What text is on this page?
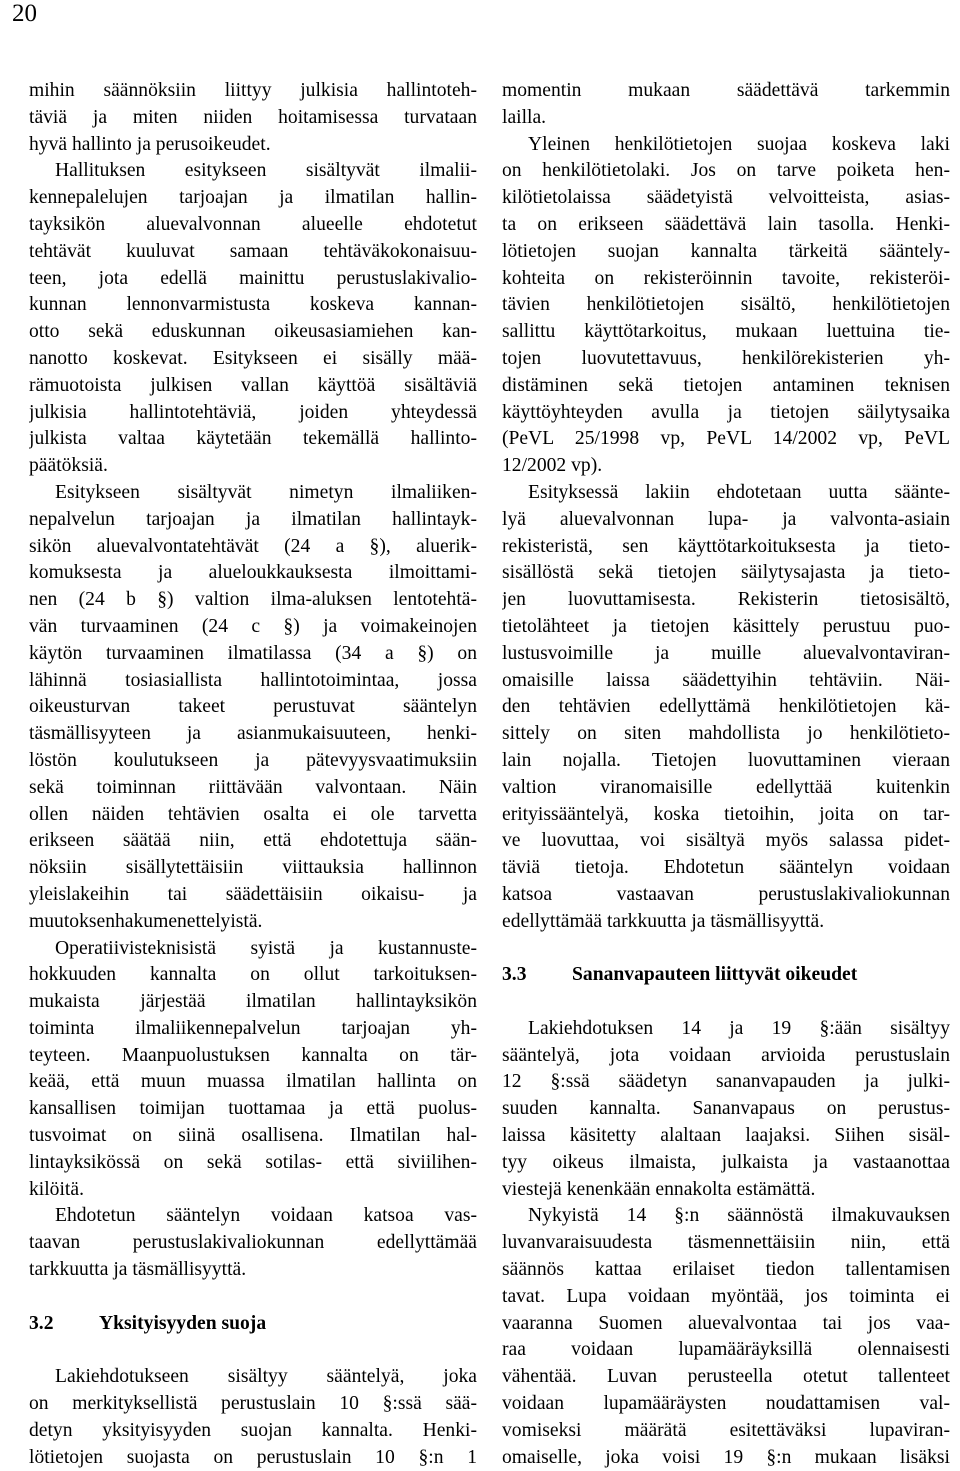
20
mihin säännöksiin liittyy julkisia hallintoteh-
täviä ja miten niiden hoitamisessa turvataan
hyvä hallinto ja perusoikeudet.
Hallituksen esitykseen sisältyvät ilmalii-
kennepalelujen tarjoajan ja ilmatilan hallin-
tayksikön aluevalvonnan alueelle ehdotetut
tehtävät kuuluvat samaan tehtäväkokonaisuu-
teen, jota edellä mainittu perustuslakivalio-
kunnan lennonvarmistusta koskeva kannan-
otto sekä eduskunnan oikeusasiamiehen kan-
nanotto koskevat. Esitykseen ei sisälly mää-
rämuotoista julkisen vallan käyttöä sisältäviä
julkisia hallintotehtäviä, joiden yhteydessä
julkista valtaa käytetään tekemällä hallinto-
päätöksiä.
Esitykseen sisältyvät nimetyn ilmaliiken-
nepalvelun tarjoajan ja ilmatilan hallintayk-
sikön aluevalvontatehtävät (24 a §), aluerik-
komuksesta ja alueloukkauksesta ilmoittami-
nen (24 b §) valtion ilma-aluksen lentotehtä-
vän turvaaminen (24 c §) ja voimakeinojen
käytön turvaaminen ilmatilassa (34 a §) on
lähinnä tosiasiallista hallintotoimintaa, jossa
oikeusturvan takeet perustuvat sääntelyn
täsmällisyyteen ja asianmukaisuuteen, henki-
löstön koulutukseen ja pätevyysvaatimuksiin
sekä toiminnan riittävään valvontaan. Näin
ollen näiden tehtävien osalta ei ole tarvetta
erikseen säätää niin, että ehdotettuja sään-
nöksiin sisällytettäisiin viittauksia hallinnon
yleislakeihin tai säädettäisiin oikaisu- ja
muutoksenhakumenettelyistä.
Operatiivisteknisistä syistä ja kustannuste-
hokkuuden kannalta on ollut tarkoituksen-
mukaista järjestää ilmatilan hallintayksikön
toiminta ilmaliikennepalvelun tarjoajan yh-
teyteen. Maanpuolustuksen kannalta on tär-
keää, että muun muassa ilmatilan hallinta on
kansallisen toimijan tuottamaa ja että puolus-
tusvoimat on siinä osallisena. Ilmatilan hal-
lintayksikössä on sekä sotilas- että siviilihen-
kilöitä.
Ehdotetun sääntelyn voidaan katsoa vas-
taavan perustuslakivaliokunnan edellyttämää
tarkkuutta ja täsmällisyyttä.
3.2 Yksityisyyden suoja
Lakiehdotukseen sisältyy sääntelyä, joka
on merkityksellistä perustuslain 10 §:ssä sää-
detyn yksityisyyden suojan kannalta. Henki-
lötietojen suojasta on perustuslain 10 §:n 1
momentin mukaan säädettävä tarkemmin
lailla.
Yleinen henkilötietojen suojaa koskeva laki
on henkilötietolaki. Jos on tarve poiketa hen-
kilötietolaissa säädetyistä velvoitteista, asias-
ta on erikseen säädettävä lain tasolla. Henki-
lötietojen suojan kannalta tärkeitä sääntely-
kohteita on rekisteröinnin tavoite, rekisteröi-
tävien henkilötietojen sisältö, henkilötietojen
sallittu käyttötarkoitus, mukaan luettuina tie-
tojen luovutettavuus, henkilörekisterien yh-
distäminen sekä tietojen antaminen teknisen
käyttöyhteyden avulla ja tietojen säilytysaika
(PeVL 25/1998 vp, PeVL 14/2002 vp, PeVL
12/2002 vp).
Esityksessä lakiin ehdotetaan uutta säänte-
lyä aluevalvonnan lupa- ja valvonta-asiain
rekisteristä, sen käyttötarkoituksesta ja tieto-
sisällöstä sekä tietojen säilytysajasta ja tieto-
jen luovuttamisesta. Rekisterin tietosisältö,
tietolähteet ja tietojen käsittely perustuu puo-
lustusvoimille ja muille aluevalvontaviran-
omaisille laissa säädettyihin tehtäviin. Näi-
den tehtävien edellyttämä henkilötietojen kä-
sittely on siten mahdollista jo henkilötieto-
lain nojalla. Tietojen luovuttaminen vieraan
valtion viranomaisille edellyttää kuitenkin
erityissääntelyä, koska tietoihin, joita on tar-
ve luovuttaa, voi sisältyä myös salassa pidet-
täviä tietoja. Ehdotetun sääntelyn voidaan
katsoa vastaavan perustuslakivaliokunnan
edellyttämää tarkkuutta ja täsmällisyyttä.
3.3 Sananvapauteen liittyvät oikeudet
Lakiehdotuksen 14 ja 19 §:ään sisältyy
sääntelyä, jota voidaan arvioida perustuslain
12 §:ssä säädetyn sananvapauden ja julki-
suuden kannalta. Sananvapaus on perustus-
laissa käsitetty alaltaan laajaksi. Siihen sisäl-
tyy oikeus ilmaista, julkaista ja vastaanottaa
viestejä kenenkään ennakolta estämättä.
Nykyistä 14 §:n säännöstä ilmakuvauksen
luvanvaraisuudesta täsmennettäisiin niin, että
säännös kattaa erilaiset tiedon tallentamisen
tavat. Lupa voidaan myöntää, jos toiminta ei
vaaranna Suomen aluevalvontaa tai jos vaa-
raa voidaan lupamääräyksillä olennaisesti
vähentää. Luvan perusteella otetut tallenteet
voidaan lupamääräysten noudattamisen val-
vomiseksi määrätä esitettäväksi lupaviran-
omaiselle, joka voisi 19 §:n mukaan lisäksi
